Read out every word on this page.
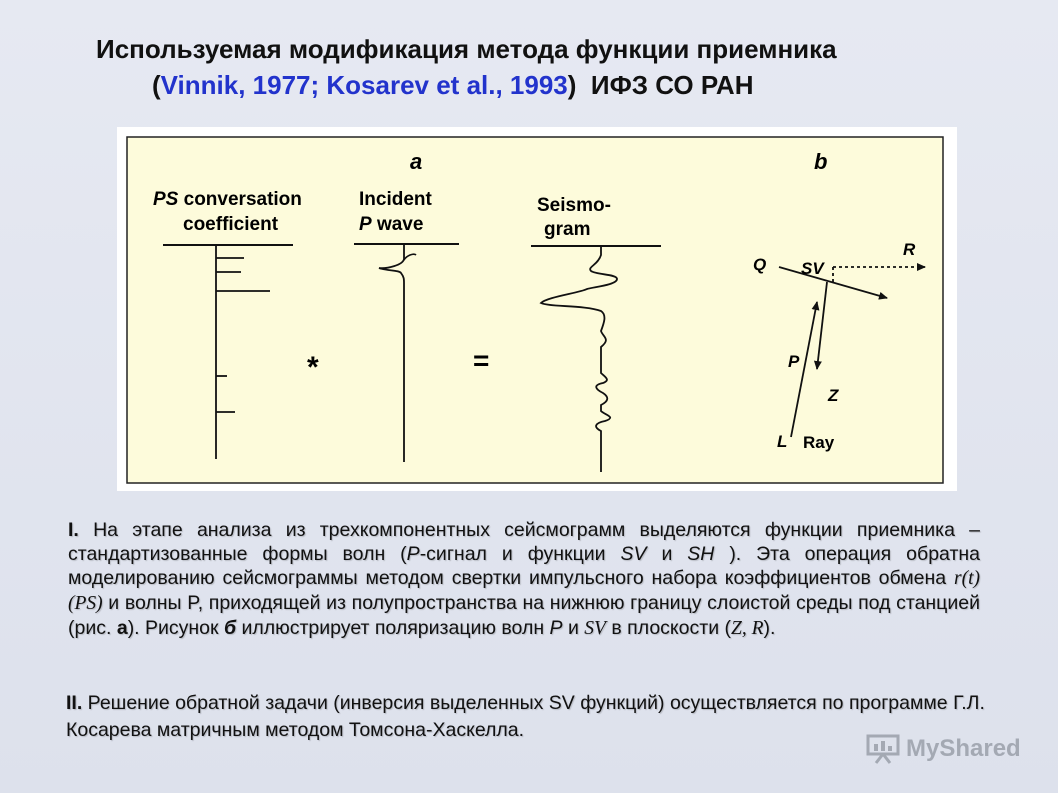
Используемая модификация метода функции приемника
(Vinnik, 1977; Kosarev et al., 1993) ИФЗ СО РАН
a	b
PS conversation
coefficient
*
Incident
P wave
=
Seismo-
gram
Q SV
R
P
Z
L Ray
I. На этапе анализа из трехкомпонентных сейсмограмм выделяются функции приемника – стандартизованные формы волн (P-сигнал и функции SV и SH ). Эта операция обратна моделированию сейсмограммы методом свертки импульсного набора коэффициентов обмена r(t) (PS) и волны P, приходящей из полупространства на нижнюю границу слоистой среды под станцией (рис. а). Рисунок б иллюстрирует поляризацию волн P и SV в плоскости (Z, R).
II. Решение обратной задачи (инверсия выделенных SV функций) осуществляется по программе Г.Л. Косарева матричным методом Томсона-Хаскелла.
MyShared
